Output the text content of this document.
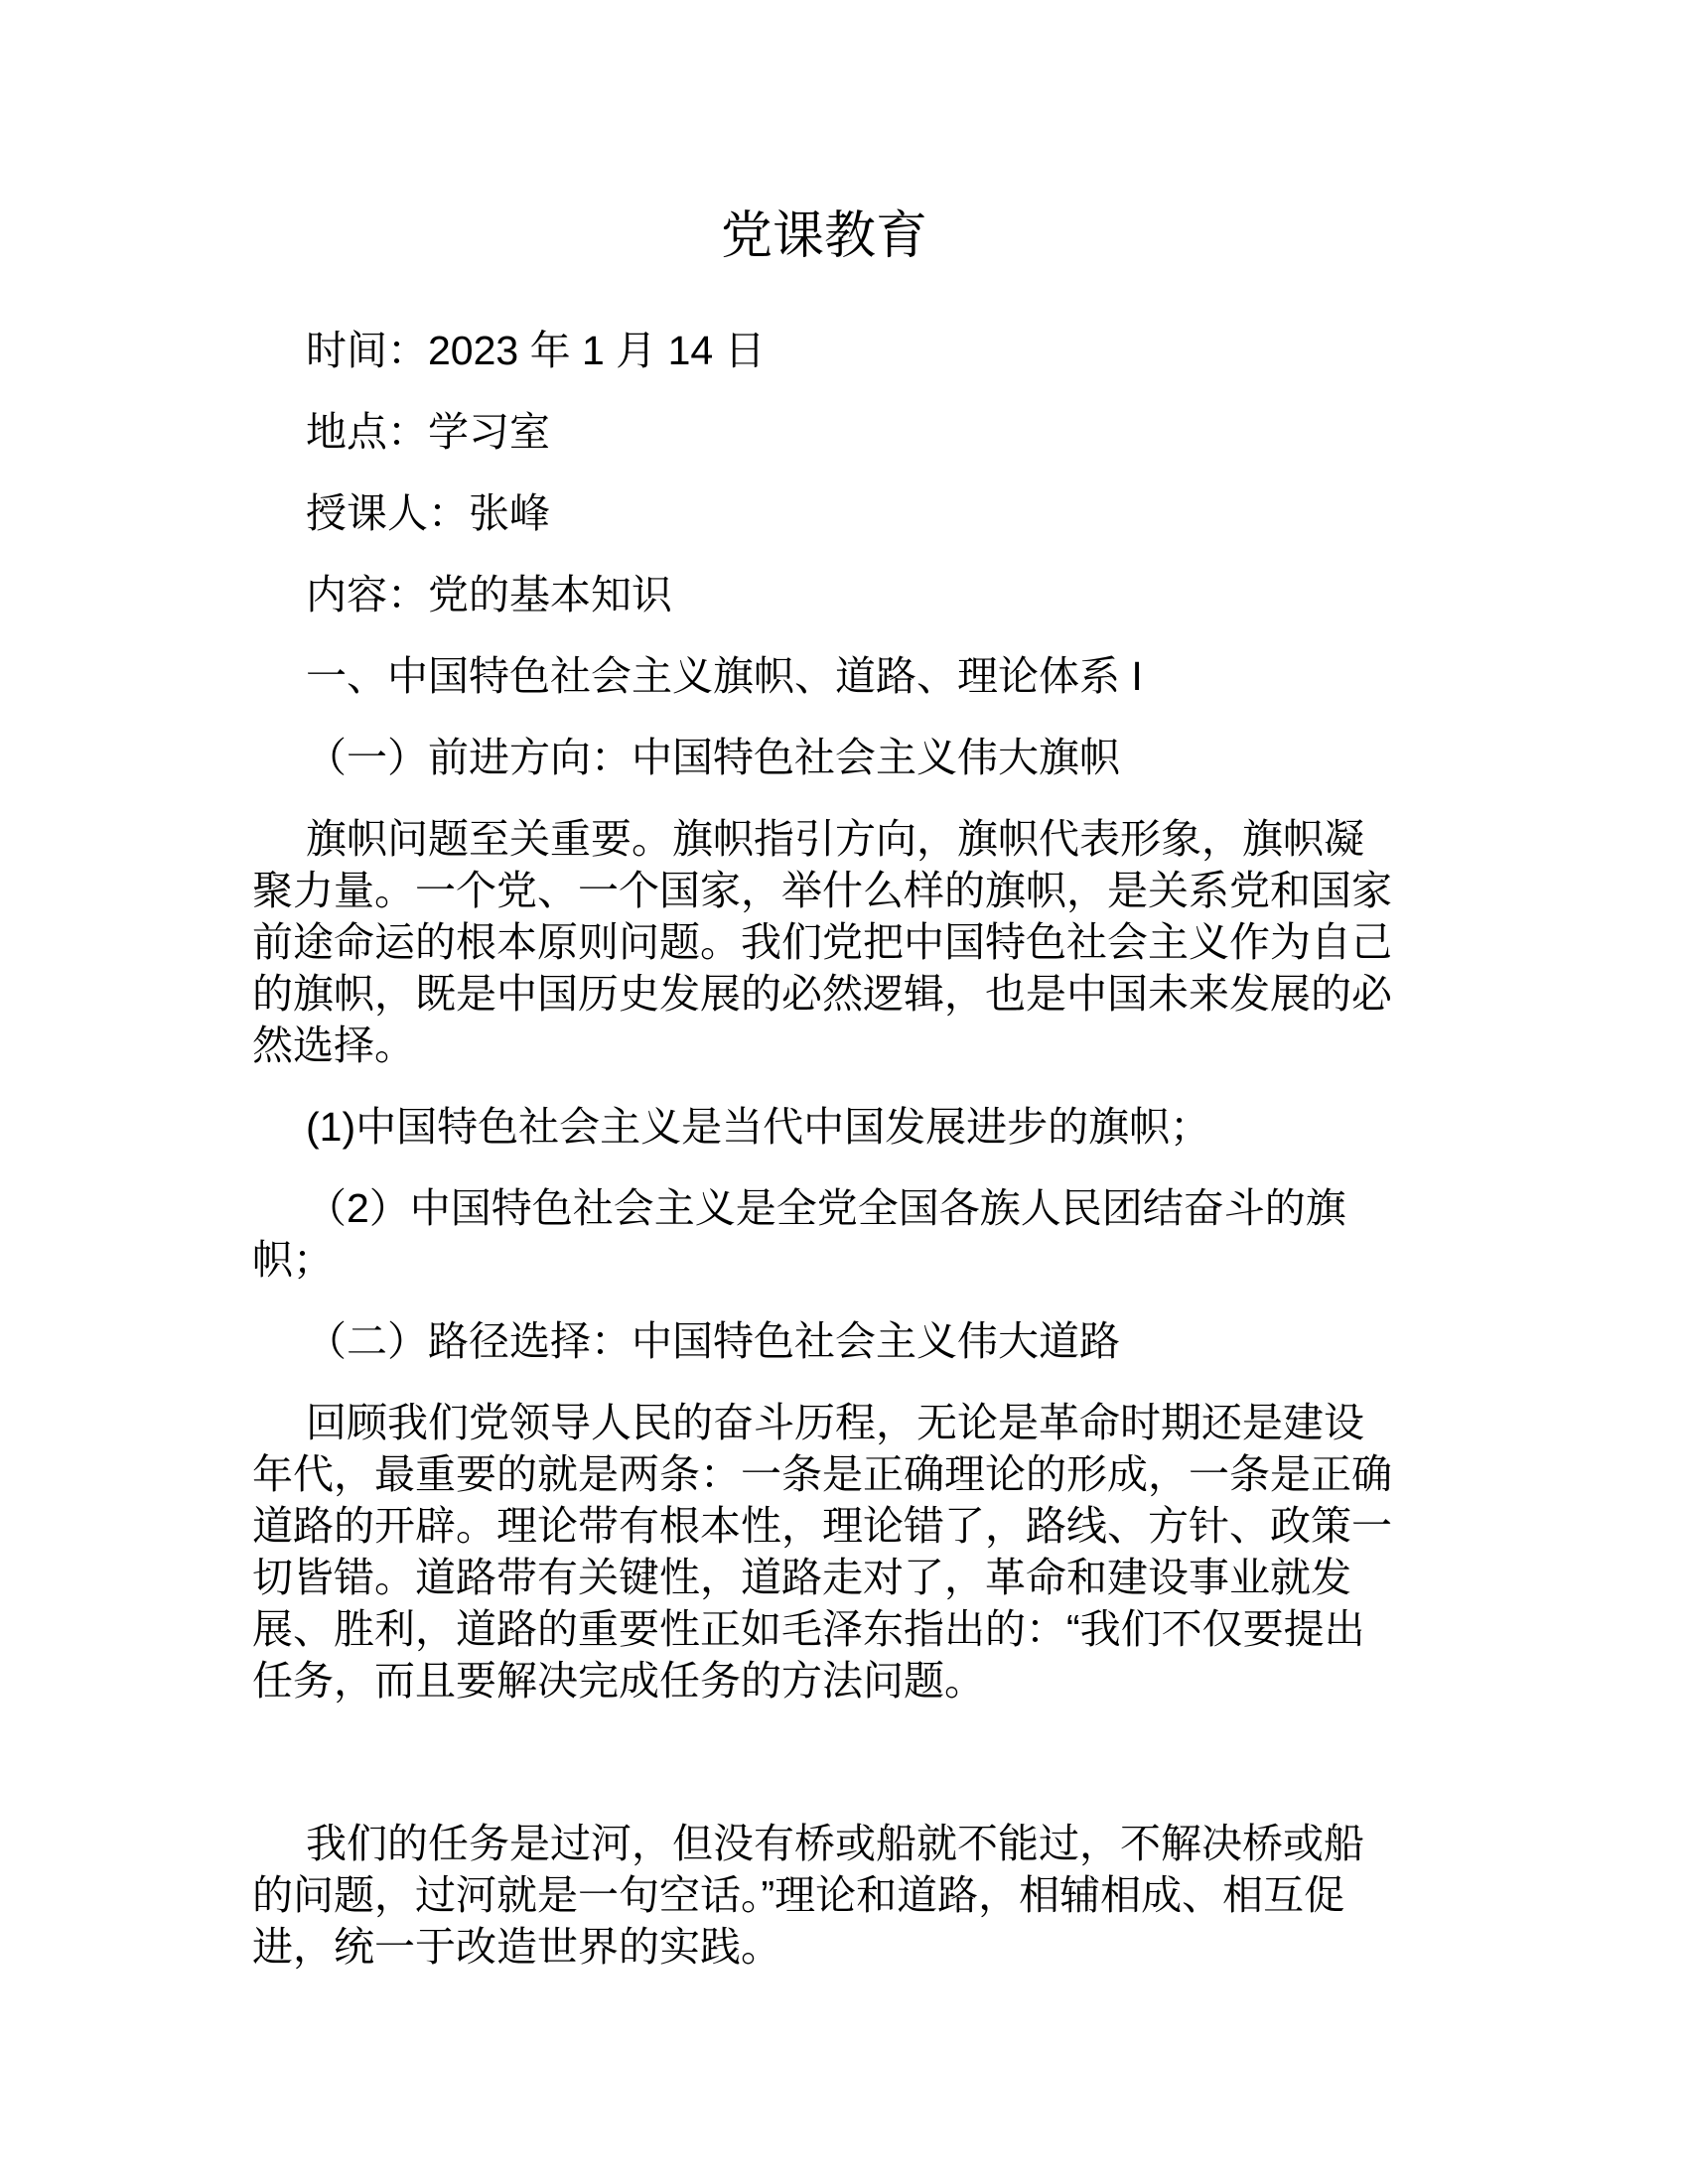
党课教育

时间：2023 年 1 月 14 日

地点：学习室

授课人：张峰

内容：党的基本知识

一、中国特色社会主义旗帜、道路、理论体系 I

（一）前进方向：中国特色社会主义伟大旗帜

旗帜问题至关重要。旗帜指引方向，旗帜代表形象，旗帜凝聚力量。一个党、一个国家，举什么样的旗帜，是关系党和国家前途命运的根本原则问题。我们党把中国特色社会主义作为自己的旗帜，既是中国历史发展的必然逻辑，也是中国未来发展的必然选择。

(1)中国特色社会主义是当代中国发展进步的旗帜；

（2）中国特色社会主义是全党全国各族人民团结奋斗的旗帜；

（二）路径选择：中国特色社会主义伟大道路

回顾我们党领导人民的奋斗历程，无论是革命时期还是建设年代，最重要的就是两条：一条是正确理论的形成，一条是正确道路的开辟。理论带有根本性，理论错了，路线、方针、政策一切皆错。道路带有关键性，道路走对了，革命和建设事业就发展、胜利，道路的重要性正如毛泽东指出的：“我们不仅要提出任务，而且要解决完成任务的方法问题。

我们的任务是过河，但没有桥或船就不能过，不解决桥或船的问题，过河就是一句空话。”理论和道路，相辅相成、相互促进，统一于改造世界的实践。
